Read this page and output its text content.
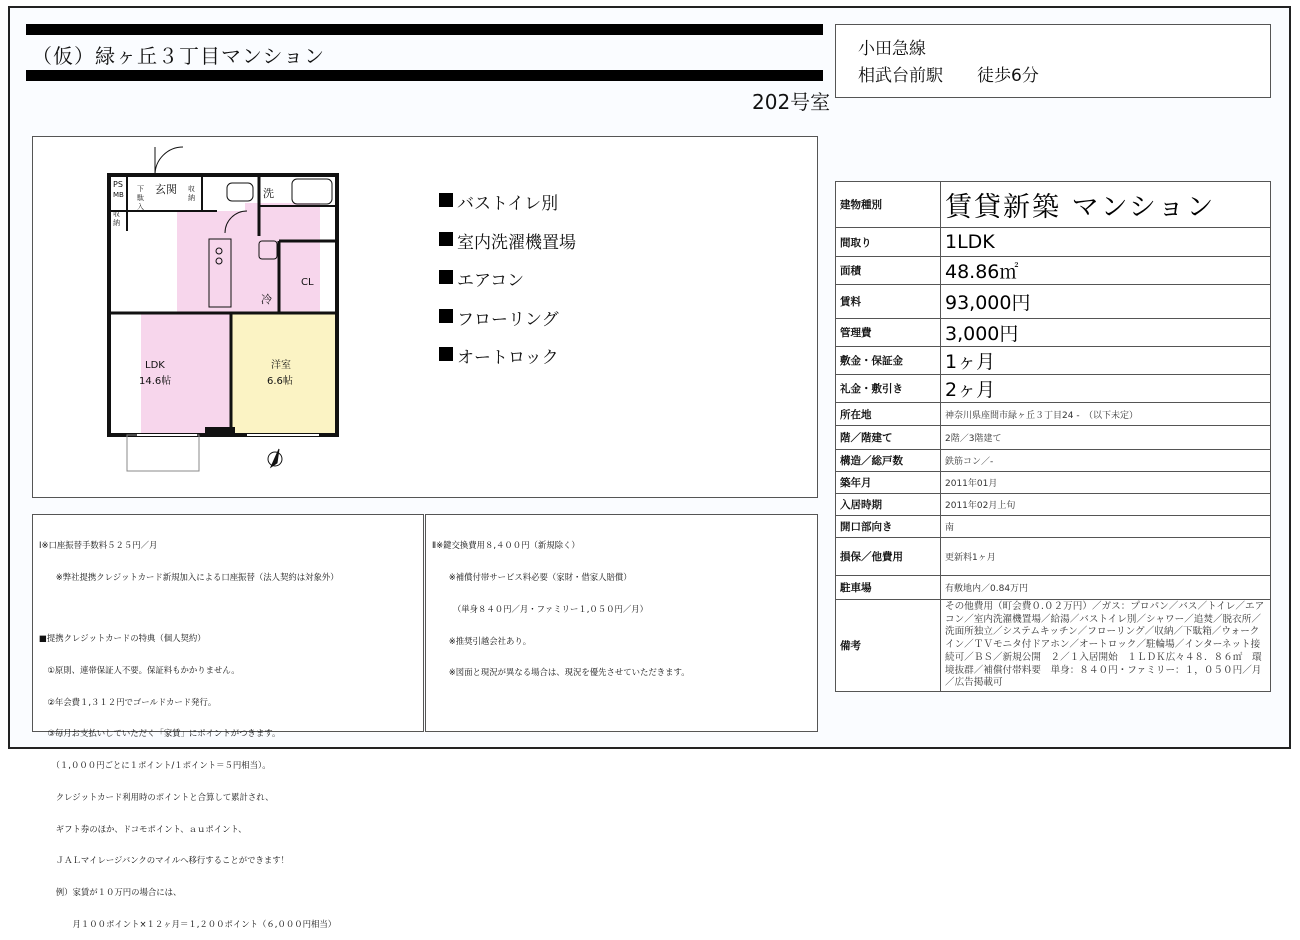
（仮）緑ヶ丘３丁目マンション
202号室
小田急線
相武台前駅　　徒歩6分
PS
MB
収
納
玄関
下
駄
入
収
納	洗
冷
CL
LDK
14.6帖
洋室
6.6帖
バストイレ別
室内洗濯機置場
エアコン
フローリング
オートロック

Ⅰ※口座振替手数料５２５円／月

　　※弊社提携クレジットカード新規加入による口座振替（法人契約は対象外）

■提携クレジットカードの特典（個人契約）

　①原則、連帯保証人不要。保証料もかかりません。

　②年会費１,３１２円でゴールドカード発行。

　③毎月お支払いしていただく「家賃」にポイントがつきます。

　　（１,０００円ごとに１ポイント/１ポイント＝５円相当）。

　　クレジットカード利用時のポイントと合算して累計され、

　　ギフト券のほか、ドコモポイント、ａｕポイント、

　　ＪＡＬマイレージバンクのマイルへ移行することができます！

　　例）家賃が１０万円の場合には、

　　　　月１００ポイント×１２ヶ月＝１,２００ポイント（６,０００円相当）

Ⅱ※鍵交換費用８,４００円（新規除く）

　　※補償付帯サービス料必要（家財・借家人賠償）

　　　（単身８４０円／月・ファミリー１,０５０円／月）

　　※推奨引越会社あり。

　　※図面と現況が異なる場合は、現況を優先させていただきます。

建物種別	賃貸新築 マンション
間取り	1LDK
面積	48.86㎡
賃料	93,000円
管理費	3,000円
敷金・保証金	1ヶ月
礼金・敷引き	2ヶ月
所在地	神奈川県座間市緑ヶ丘３丁目24 -　（以下未定）
階／階建て	2階／3階建て
構造／総戸数	鉄筋コン／-
築年月	2011年01月
入居時期	2011年02月上旬
開口部向き	南
損保／他費用	更新料1ヶ月
駐車場	有敷地内／0.84万円
備考	その他費用（町会費０.０２万円）／ガス：プロパン／バス／トイレ／エアコン／室内洗濯機置場／給湯／バストイレ別／シャワー／追焚／脱衣所／洗面所独立／システムキッチン／フローリング／収納／下駄箱／ウォークイン／ＴＶモニタ付ドアホン／オートロック／駐輪場／インターネット接続可／ＢＳ／新規公開　２／１入居開始　１ＬＤＫ広々４８．８６㎡　環境抜群／補償付帯料要　単身：８４０円・ファミリー：１，０５０円／月／広告掲載可
